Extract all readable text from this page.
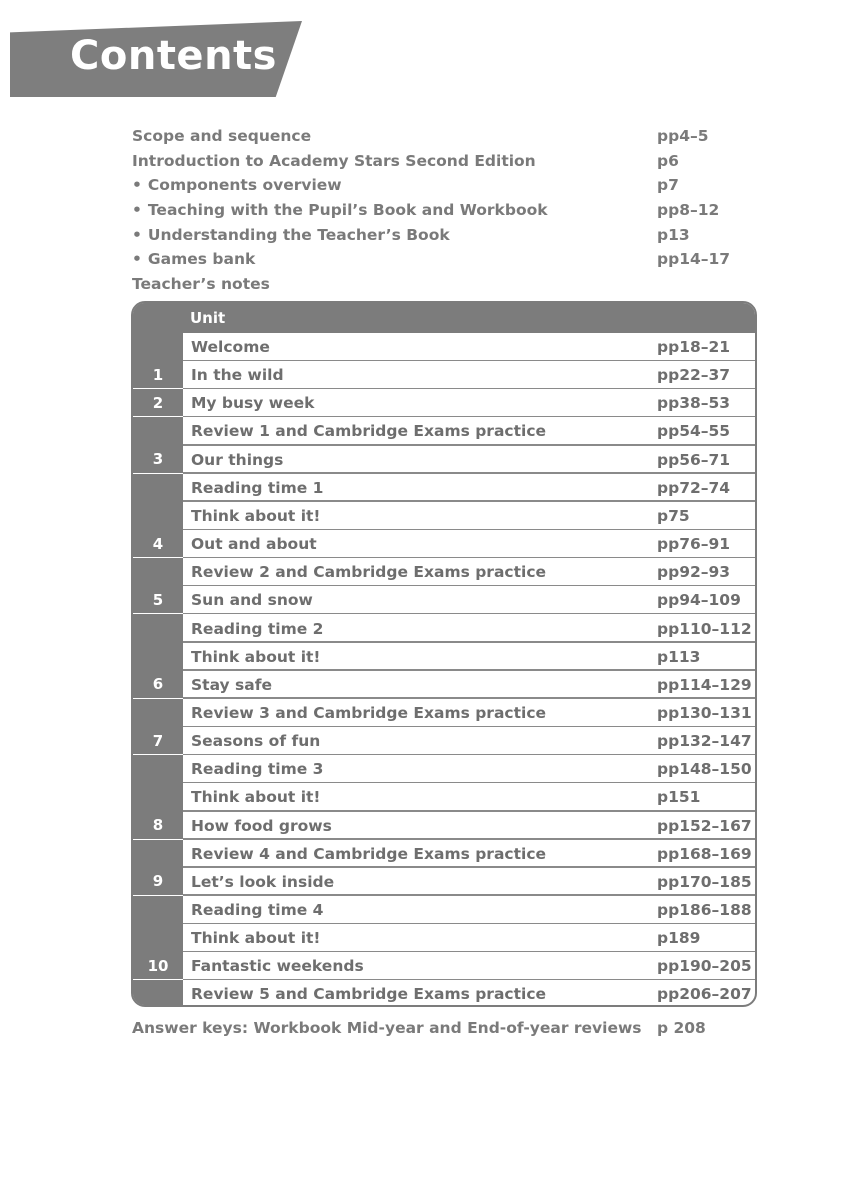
Contents
Scope and sequence	pp4–5
Introduction to Academy Stars Second Edition	p6
• Components overview	p7
• Teaching with the Pupil’s Book and Workbook	pp8–12
• Understanding the Teacher’s Book	p13
• Games bank	pp14–17
Teacher’s notes
Unit
Welcome	pp18–21
1	In the wild	pp22–37
2	My busy week	pp38–53
Review 1 and Cambridge Exams practice	pp54–55
3	Our things	pp56–71
Reading time 1	pp72–74
Think about it!	p75
4	Out and about	pp76–91
Review 2 and Cambridge Exams practice	pp92–93
5	Sun and snow	pp94–109
Reading time 2	pp110–112
Think about it!	p113
6	Stay safe	pp114–129
Review 3 and Cambridge Exams practice	pp130–131
7	Seasons of fun	pp132–147
Reading time 3	pp148–150
Think about it!	p151
8	How food grows	pp152–167
Review 4 and Cambridge Exams practice	pp168–169
9	Let’s look inside	pp170–185
Reading time 4	pp186–188
Think about it!	p189
10	Fantastic weekends	pp190–205
Review 5 and Cambridge Exams practice	pp206–207
Answer keys: Workbook Mid-year and End-of-year reviews p 208
